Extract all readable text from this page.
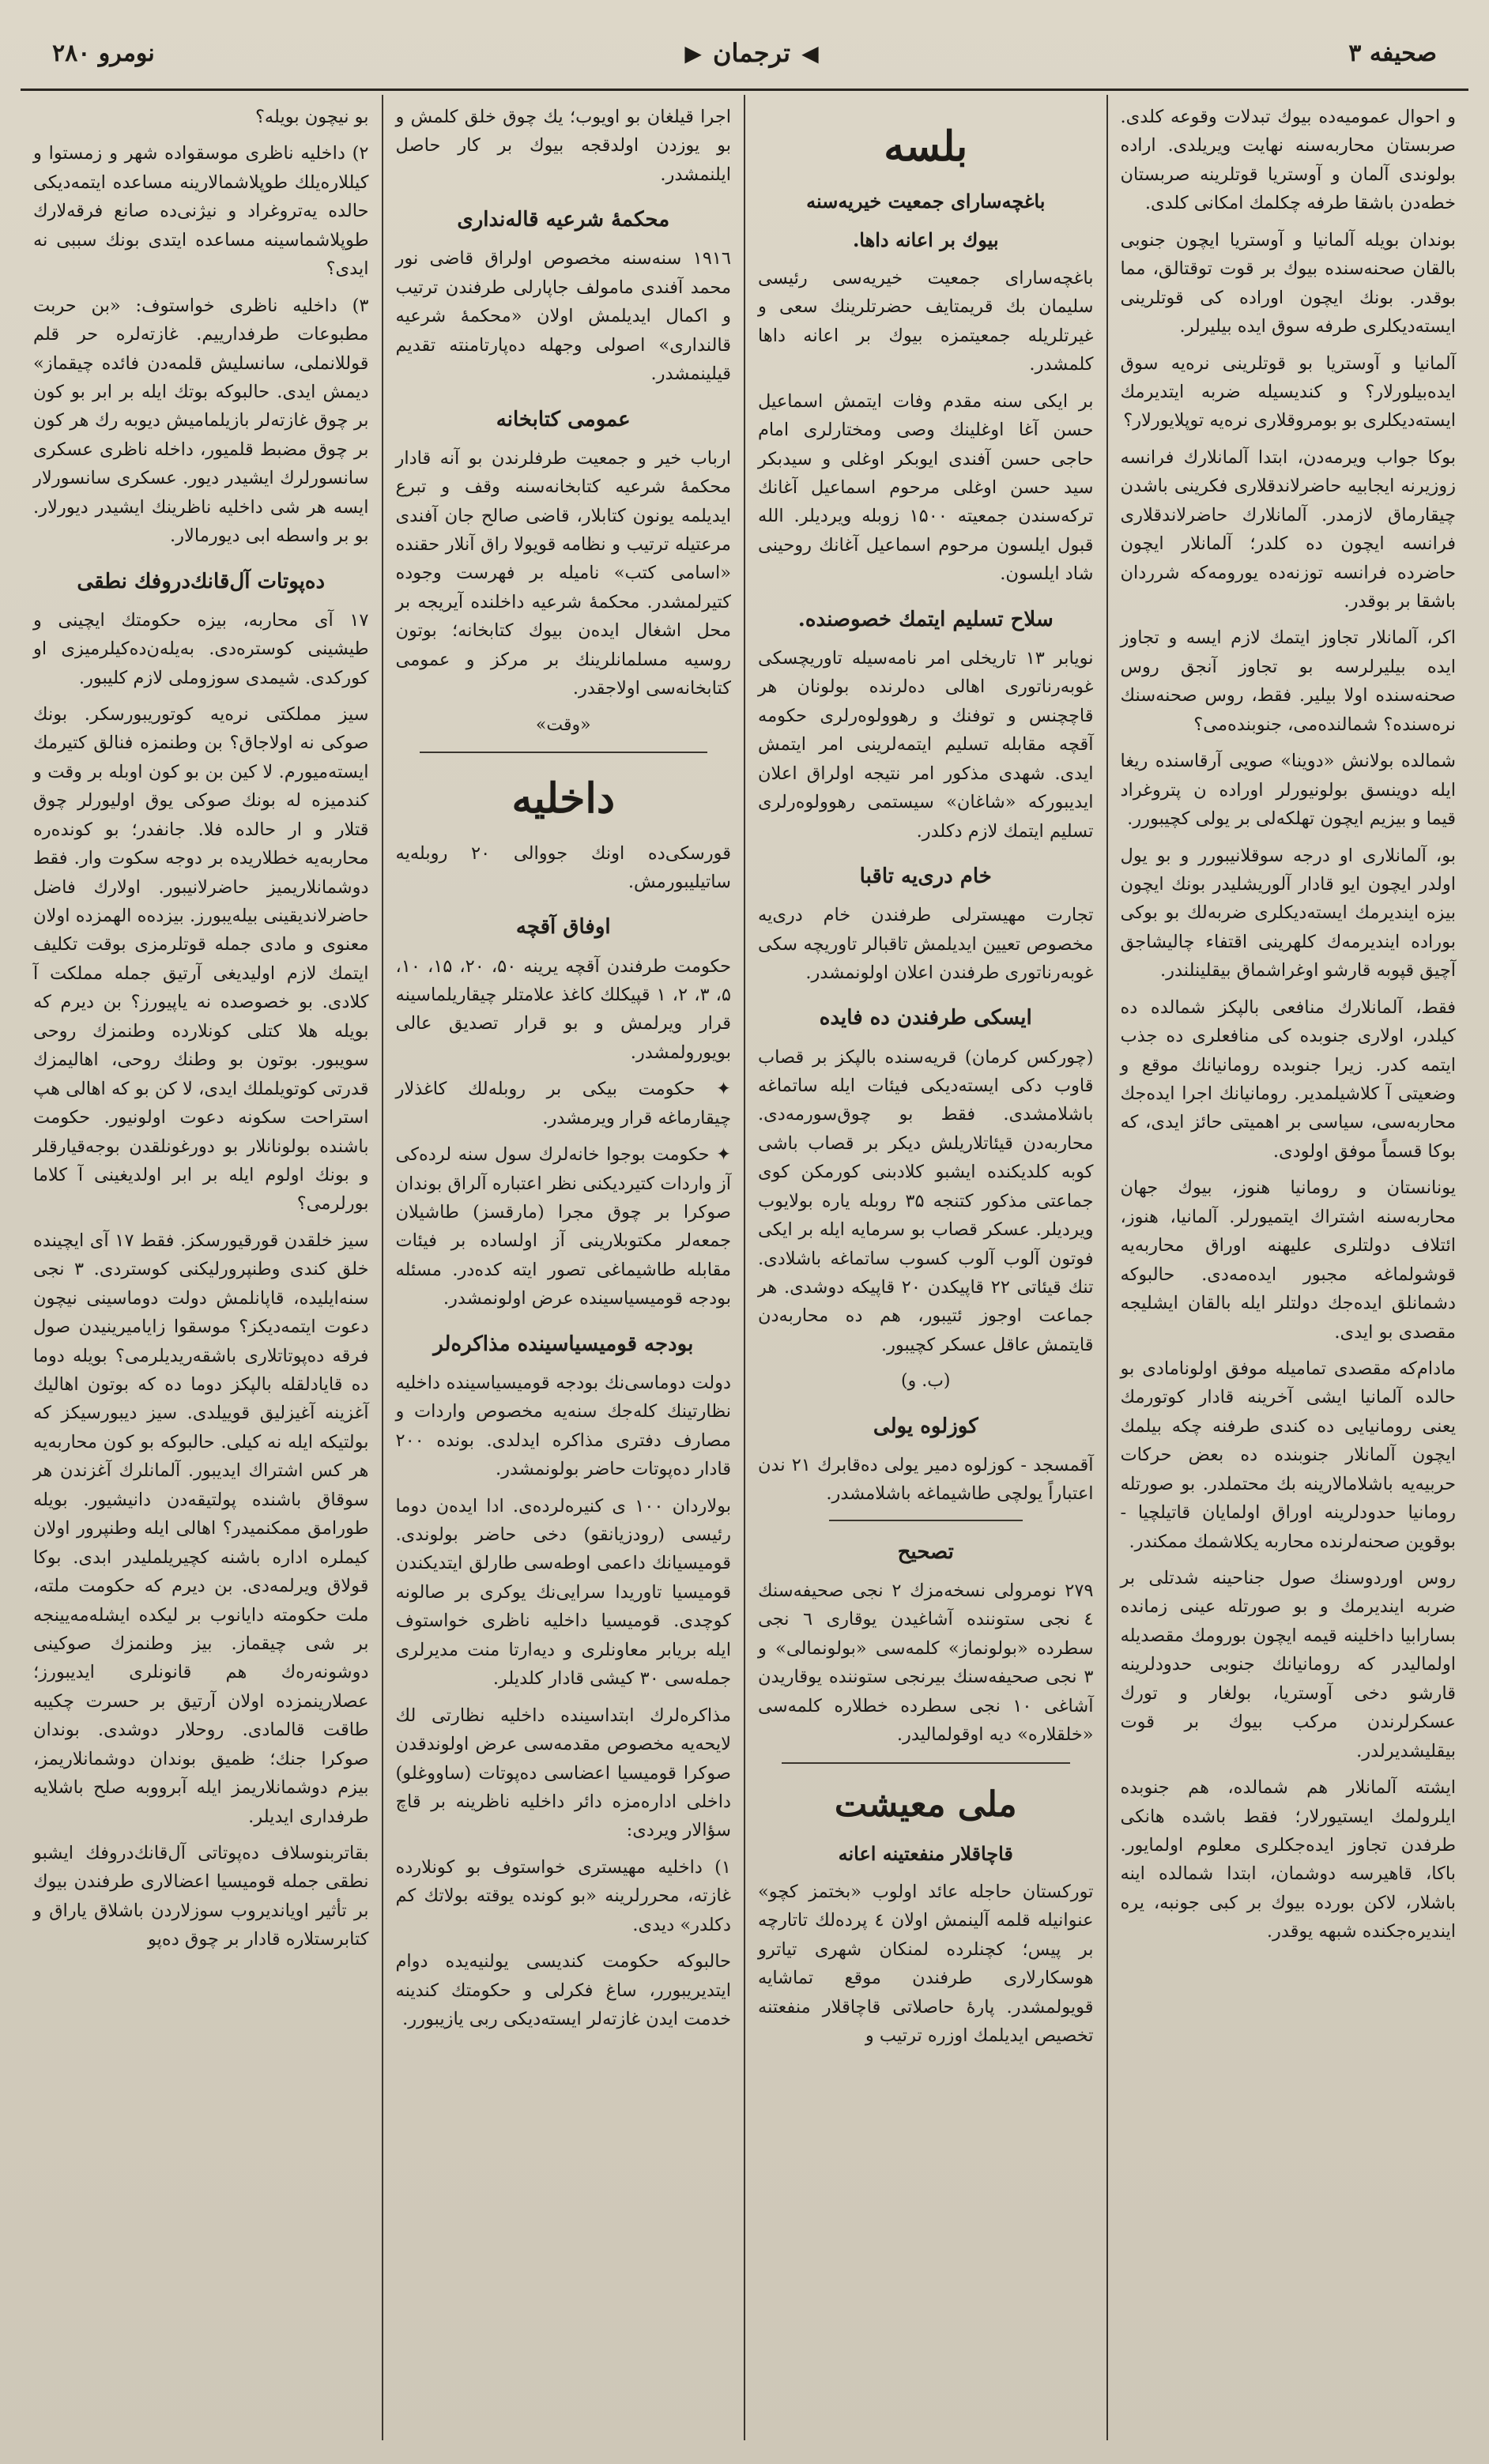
صحیفه ۳
◀
ترجمان
▶
نومرو ۲۸۰

و احوال عمومیه‌ده بیوك تبدلات وقوعه كلدی. صربستان محاربه‌سنه نهایت ویریلدی. اراده بولوندی آلمان و آوستریا قوتلرینه صربستان خطه‌دن باشقا طرفه چكلمك امكانی كلدی.

بوندان بویله آلمانیا و آوستریا ایچون جنوبی بالقان صحنه‌سنده بیوك بر قوت توقتالق، مما بوقدر. بونك ایچون اوراده كی قوتلرینی ایسته‌دیكلری طرفه سوق ایده بیلیرلر.

آلمانیا و آوستریا بو قوتلرینی نره‌یه سوق ایده‌بیلورلار؟ و كندیسیله ضربه ایتدیر‌مك ایسته‌دیكلری بو بومروقلاری نره‌یه توپلایورلار؟

بوكا جواب ویرمه‌دن، ابتدا آلمانلارك فرانسه زوزیرنه ایجابیه حاضرلاندقلاری فكرینی باشدن چیقارماق لازمدر. آلمانلارك حاضرلاندقلاری فرانسه ایچون ده كلدر؛ آلمانلار ایچون حاضرده فرانسه توزنه‌ده یورومه‌كه شرردان باشقا بر بوقدر.

اكر، آلمانلار تجاوز ایتمك لازم ایسه و تجاوز ایده بیلیرلرسه بو تجاوز آنجق روس صحنه‌سنده اولا بیلیر. فقط، روس صحنه‌سنك نره‌سنده؟ شمالنده‌می، جنوبنده‌می؟

شمالده بولانش «دوینا» صویی آرقاسنده ریغا ایله دوینسق بولونیورلر اوراده ن پتروغراد قیما و بیزیم ایچون تهلكه‌لی بر یولی كچیبورر.

بو، آلمانلاری او درجه سوقلانیبورر و بو یول اولدر ایچون ایو قادار آلوریشلیدر بونك ایچون بیزه ایندیرمك ایسته‌دیكلری ضربه‌لك بو بوكی بوراده ایندیرمه‌ك كلهرینی اقتفاء چالیشاجق آچیق قپوبه قارشو اوغرا‌شماق بیقلینلندر.

فقط، آلمانلارك منافعی بالپكز شمالده ده كیلدر، اولاری جنوبده كی منافعلری ده جذب ایتمه كدر. زیرا جنوبده رومانیانك موقع و وضعیتی آ كلاشیلمدیر. رومانیانك اجرا ایده‌جك محاربه‌سی، سیاسی بر اهمیتی حائز ایدی، كه بوكا قسماً موفق اولودی.

یونانستان و رومانیا هنوز، بیوك جهان محاربه‌سنه اشتراك ایتمیورلر. آلمانیا، هنوز، ائتلاف دولتلری علیهنه اوراق محاربه‌یه قوشولماغه مجبور ایده‌مه‌دی. حالبوكه دشمانلق ایده‌جك دولتلر ایله بالقان ایشلیجه مقصدی بو ایدی.

مادام‌كه مقصدی تمامیله موفق اولونامادی بو حالده آلمانیا ایشی آخرینه قادار كوتورمك یعنی رومانیایی ده كندی طرفنه چكه بیلمك ایچون آلمانلار جنوبنده ده بعض حركات حربیه‌یه باشلامالارینه بك محتملدر. بو صورتله رومانیا حدودلرینه اوراق اولمایان قاتیلچیا - بوقوین صحنه‌لرنده محاربه یكلاشمك ممكندر.

روس اوردوسنك صول جناحینه شدتلی بر ضربه ایندیرمك و بو صورتله عینی زمانده بسارابیا داخلینه قیمه ایچون بورومك مقصدیله اولمالیدر كه رومانیانك جنوبی حدودلرینه قارشو دخی آوستریا، بولغار و تورك عسكرلرندن مركب بیوك بر قوت بیقلیشدیرلدر.

ایشته آلمانلار هم شمالده، هم جنوبده ایلرولمك ایستیورلار؛ فقط باشده هانكی طرفدن تجاوز ایده‌جكلری معلوم اولمایور. باكا، قاهیرسه دوشمان، ابتدا شمالده اینه باشلار، لاكن بورده بیوك بر كبی جونبه، یره ایندیره‌جكنده شبهه یوقدر.

بلسه
باغچه‌سارای جمعیت خیریه‌سنه
بیوك بر اعانه داها.

باغچه‌سارای جمعیت خیریه‌سی رئیسی سلیمان بك قریمتایف حضرتلرینك سعی و غیرتلریله جمعیتمزه بیوك بر اعانه داها كلمشدر.

بر ایكی سنه مقدم وفات ایتمش اسماعیل حسن آغا اوغلینك وصی ومختارلری امام حاجی حسن آفندی ایوبكر اوغلی و سیدبكر سید حسن اوغلی مرحوم اسماعیل آغانك تركه‌سندن جمعیته ۱۵۰۰ زوبله ویردیلر. الله قبول ایلسون مرحوم اسماعیل آغانك روحینی شاد ایلسون.

سلاح تسلیم ایتمك خصوصنده.

نویابر ۱۳ تاریخلی امر نامه‌سیله تاوریچسكی غوبه‌رناتوری اهالی ده‌لرنده بولونان هر قاچچنس و توفنك و رهوولوه‌رلری حكومه آقچه مقابله تسلیم ایتمه‌لرینی امر ایتمش ایدی. شهدی مذكور امر نتیجه اولراق اعلان ایدیبوركه «شاغان» سیستمی رهوولوه‌رلری تسلیم ایتمك لازم دكلدر.

خام دری‌یه تاقبا

تجارت مهیسترلی طرفندن خام دری‌یه مخصوص تعیین ایدیلمش تاقبالر تاوریچه سكی غوبه‌رناتوری طرفندن اعلان اولو‌نمشدر.

ایسكی طرفندن ده فایده

(چوركس كرمان) قریه‌سنده بالپكز بر قصاب قاوب دكی ایسته‌دیكی فیئات ایله ساتماغه باشلامشدی. فقط بو چوق‌سورمه‌دی. محاربه‌دن قیئاتلاریلش دیكر بر قصاب باشی كوبه كلدیكنده ایشبو كلادبنی كورمكن كوی جماعتی مذكور كتنجه ۳۵ روبله یاره بولایوب ویردیلر. عسكر قصاب بو سرمایه ایله بر ایكی فوتون آلوب آلوب كسوب ساتماغه باشلادی. تنك قیئاتی ۲۲ قاپیكدن ۲۰ قاپیكه دوشدی. هر جماعت اوجوز ئتیبور، هم ده محاربه‌دن قایتمش عاقل عسكر كچیبور.

(ب. و)
كوزلوه یولی

آقمسجد - كوزلوه دمیر یولی ده‌قابرك ۲۱ ندن اعتباراً یولچی طاشیماغه باشلامشدر.

تصحیح

۲۷۹ نومرولی نسخه‌مزك ۲ نجی صحیفه‌سنك ٤ نجی ستوننده آشاغیدن یوقاری ٦ نجی سطرده «بولونماز» كلمه‌سی «بولونمالی» و ۳ نجی صحیفه‌سنك بیرنجی ستوننده یوقاریدن آشاغی ۱۰ نجی سطرده خطلاره كلمه‌سی «خلقلاره» دیه اوقولمالیدر.

ملی معیشت
قاچاقلار منفعتینه اعانه

تورکستان حاجله عائد اولوب «بختمز كچو» عنوانیله قلمه آلینمش اولان ٤ پرده‌لك تاتارچه بر پیس؛ كچنلرده لمنكان شهری تیاترو هوسكارلاری طرفندن موقع تماشایه قویولمشدر. پارۀ حاصلاتی قاچاقلار منفعتنه تخصیص ایدیلمك اوزره ترتیب و

اجرا قیلغان بو اویوب؛ یك چوق خلق كلمش و بو یوزدن اولدقجه بیوك بر كار حاصل ایلنمشدر.

محكمۀ شرعیه قاله‌نداری

۱۹۱٦ سنه‌سنه مخصوص اولراق قاضی نور محمد آفندی مامولف جاپارلی طرفندن ترتیب و اكمال ایدیلمش اولان «محكمۀ شرعیه قالندارى» اصولی وجهله ده‌پارتامنته تقدیم قیلینمشدر.

عمومی كتابخانه

ارباب خیر و جمعیت طرفلرندن بو آنه قادار محكمۀ شرعیه كتابخانه‌سنه وقف و تبرع ایدیلمه یونون كتابلار، قاضی صالح جان آفندی مرعتیله ترتیب و نظامه قویولا راق آنلار حقنده «اسامی كتب» نامیله بر فهرست وجوده كتیرلمشدر. محكمۀ شرعیه داخلنده آیریجه بر محل اشغال ایده‌ن بیوك كتابخانه؛ بوتون روسیه مسلمانلرینك بر مركز و عمومی كتابخانه‌سی اولاجقدر.

«وقت»
داخلیه

قورسكی‌ده اونك جووالی ۲۰ روبله‌یه ساتیلیبورمش.

اوفاق آقچه

حكومت طرفندن آقچه یرینه ۵۰، ۲۰، ۱۵، ۱۰، ۵، ۳، ۲، ۱ قپیكلك كاغذ علامتلر چیقاریلماسینه قرار ویرلمش و بو قرار تصدیق عالی بویورولمشدر.

✦ حكومت بیكی بر روبله‌لك كاغذلار چیقارماغه قرار ویرمشدر.

✦ حكومت بوجوا خانه‌لرك سول سنه لرده‌كی آز واردات كتیردیكنی نظر اعتباره آلراق بوندان صوكرا بر چوق مجرا (مارقسز) طاشیلان جمعه‌لر مكتوبلارینی آز اولساده بر فیئات مقابله طاشیماغی تصور ایته كده‌در. مسئله بودجه قومیسیاسینده عرض اولونمشدر.

بودجه قومیسیاسینده مذاكره‌لر

دولت دوماسی‌نك بودجه قومیسیاسینده داخلیه نظارتینك كله‌جك سنه‌یه مخصوص واردات و مصارف دفتری مذاكره ایدلدی. بونده ۲۰۰ قادار ده‌پوتات حاضر بولونمشدر.

بولاردان ۱۰۰ ی كنیره‌لرده‌ی. ادا ایده‌ن دوما رئیسی (رودزیانقو) دخی حاضر بولوندی. قومیسیانك داعمی اوطه‌سی طارلق ایتدیكندن قومیسیا تاوریدا سرایی‌نك یوكری بر صالونه كوچدی. قومیسیا داخلیه ناظری خواستوف ایله بریابر معاونلری و دیه‌ارتا منت مدیرلری جمله‌سی ۳۰ كیشی قادار كلدیلر.

مذاكره‌لرك ابتداسینده داخلیه نظارتی لك لایحه‌یه مخصوص مقدمه‌سی عرض اولوندقدن صوكرا قومیسیا اعضاسی ده‌پوتات (ساووغلو) داخلی اداره‌مزه دائر داخلیه ناظرینه بر قاچ سؤالار ویردی:

۱) داخلیه مهیسترى خواستوف بو كونلارده غازته، محررلرینه «بو كونده یوقته بولاتك كم دكلدر» دیدی.

حالبوكه حكومت كندیسی یولنیه‌یده دوام ایتدیریبورر، ساغ فكرلی و حكومتك كندینه خدمت ایدن غازته‌لر ایسته‌دیكی ربی یازیبورر.

بو نیچون بویله؟

۲) داخلیه ناظری موسقواده شهر و زمستوا و كیللاره‌یلك طوپلاشمالارینه مساعده ایتمه‌دیكی حالده یه‌تروغراد و نیژنی‌ده صانع فرقه‌لارك طوپلاشماسینه مساعده ایتدی بونك سببی نه ایدی؟

۳) داخلیه ناظری خواستوف: «بن حربت مطبوعات طرفدارییم. غازته‌لره حر قلم قوللانملی، سانسلیش قلمه‌دن فائده چیقماز» دیمش ایدی. حالبوكه بوتك ایله بر ابر بو كون بر چوق غازته‌لر بازیلمامیش دیوبه رك هر كون بر چوق مضبط قلمیور، داخله ناظری عسكری سانسورلرك ایشیدر دیور. عسكری سانسورلار ایسه هر شی داخلیه ناظرینك ایشیدر دیورلار. بو بر واسطه ابی دیورمالار.

ده‌پوتات آل‌قانك‌دروفك نطقی

۱۷ آی محاربه، بیزه حكومتك ایچینی و طیشینی كوستره‌دی. به‌یله‌ن‌ده‌كیلرمیزی او كوركدی. شیمدی سوزوملی لازم كلیبور.

سیز مملكتی نره‌یه كوتوریبورسكر. بونك صوكی نه اولاجاق؟ بن وطنمزه فنالق كتیرمك ایسته‌میورم. لا كین بن بو كون اوبله بر وقت و كندمیزه له بونك صوكی یوق اولیورلر چوق قتلار و ار حالده فلا. جانفدر؛ بو كونده‌ره محاربه‌یه خطلاریده بر دوجه سكوت وار. فقط دوشمانلاریمیز حاضرلانیبور. اولارك فاضل حاضرلاندیقینی بیله‌یبورز. بیزده‌ه الهمزده اولان معنوی و مادی جمله قوتلرمزی بوقت تكلیف ایتمك لازم اولیدیغی آرتیق جمله مملكت آ كلادی. بو خصوصده نه یاپیورز؟ بن دیرم كه بویله هلا كتلی كونلارده وطنمزك روحی سویبور. بوتون بو وطنك روحی، اهالیمزك قدرتی كوتو‌یلملك ایدی، لا كن بو كه اهالی هپ استراحت سكونه دعوت اولونیور. حكومت باشنده بولونانلار بو دورغونلقدن بوجه‌قیارقلر و بونك اولوم ایله بر ابر اولدیغینی آ كلاما بورلرمی؟

سیز خلقدن قورقیورسكز. فقط ۱۷ آی ایچینده خلق كندی وطنپرورلیكنی كوستردی. ۳ نجی سنه‌ایلیده، قاپانلمش دولت دوماسینی نیچون دعوت ایتمه‌دیكز؟ موسقوا زایامیرینیدن صول فرقه ده‌پوتاتلاری باشقه‌ریدیلرمی؟ بویله دوما ده قایادلقله بالپكز دوما ده كه بوتون اهالیك آغزینه آغیزلیق قوییلدی. سیز دیبورسیكز كه بولتیكه ایله نه كیلی. حالبوكه بو كون محاربه‌یه هر كس اشتراك ایدیبور. آلمانلرك آغزندن هر سوقاق باشنده پولتیقه‌دن دانیشیور. بویله طورامق ممكنمیدر؟ اهالی ایله وطنپرور اولان كیملره اداره باشنه كچیریلملیدر ابدی. بوكا قولاق ویرلمه‌دی. بن دیرم كه حكومت ملته، ملت حكومته دایانوب بر لیكده ایشله‌مه‌یینجه بر شی چیقماز. بیز وطنمزك صوكینی دوشونه‌ره‌ك هم قانونلری ایدیبورز؛ عصلارینمزده اولان آرتیق بر حسرت چكیبه طاقت قالمادی. روحلار دوشدی. بوندان صوكرا جنك؛ ظمیق بوندان دوشمانلاریمز، بیزم دوشمانلاریمز ایله آبرووبه صلح باشلایه طرفداری ایدیلر.

بقاتربنوسلاف ده‌پوتاتی آل‌قانك‌دروفك ایشبو نطقی جمله قومیسیا اعضالاری طرفندن بیوك بر تأثیر اویاندیروب سوزلاردن باشلاق یاراق و كتابرستلاره قادار بر چوق ده‌پو
